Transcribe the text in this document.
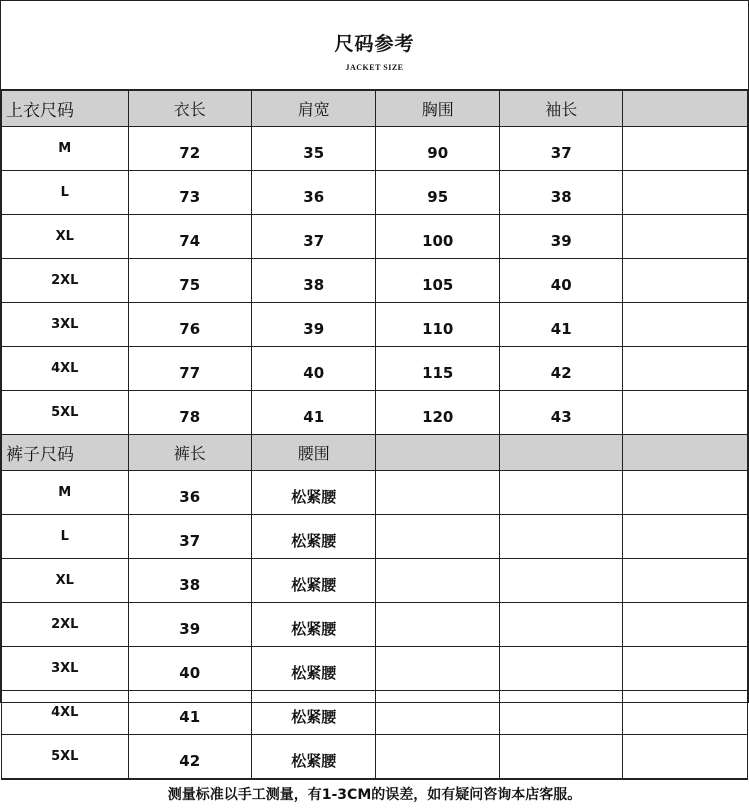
尺码参考
JACKET SIZE
上衣尺码	衣长	肩宽	胸围	袖长	
M	72	35	90	37	
L	73	36	95	38	
XL	74	37	100	39	
2XL	75	38	105	40	
3XL	76	39	110	41	
4XL	77	40	115	42	
5XL	78	41	120	43	
裤子尺码	裤长	腰围			
M	36	松紧腰			
L	37	松紧腰			
XL	38	松紧腰			
2XL	39	松紧腰			
3XL	40	松紧腰			
4XL	41	松紧腰			
5XL	42	松紧腰			
测量标准以手工测量，有1-3CM的误差，如有疑问咨询本店客服。
